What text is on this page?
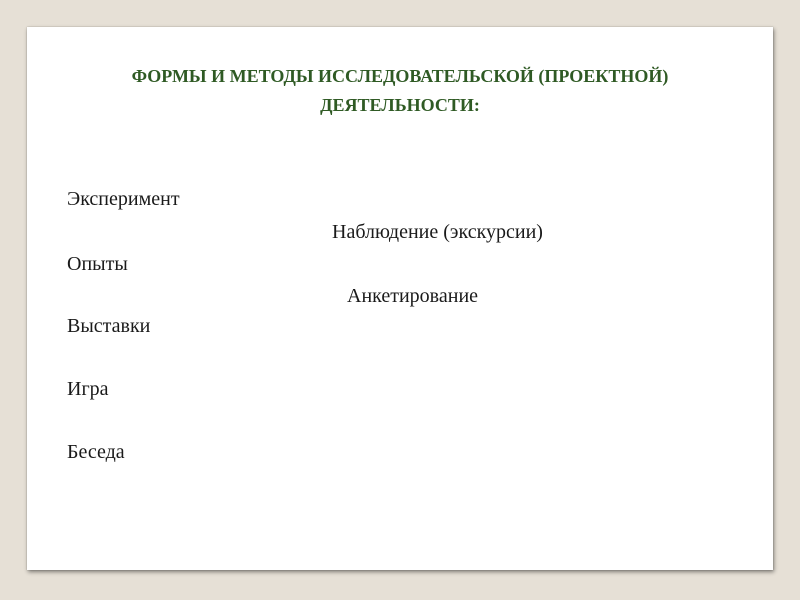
ФОРМЫ И МЕТОДЫ ИССЛЕДОВАТЕЛЬСКОЙ (ПРОЕКТНОЙ)
ДЕЯТЕЛЬНОСТИ:
Эксперимент
Наблюдение (экскурсии)
Опыты
Анкетирование
Выставки
Игра
Беседа
